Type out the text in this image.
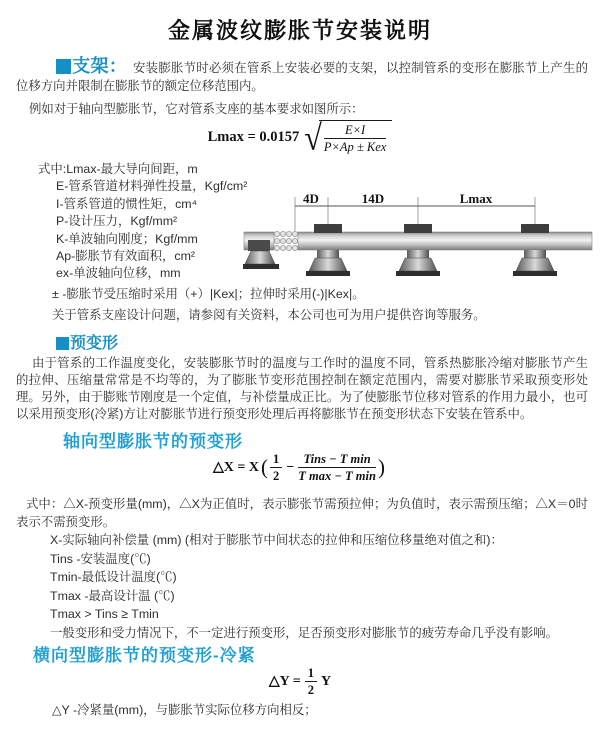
金属波纹膨胀节安装说明
支架： 安装膨胀节时必须在管系上安装必要的支架，以控制管系的变形在膨胀节上产生的位移方向并限制在膨胀节的额定位移范围内。
例如对于轴向型膨胀节，它对管系支座的基本要求如图所示：
Lmax = 0.0157 √ $\frac{E\times I}{\text{P×Ap ± Kex}}$
式中:Lmax-最大导向间距，m
E-管系管道材料弹性投量，Kgf/cm²
I-管系管道的惯性矩，cm⁴
P-设计压力，Kgf/mm²
K-单波轴向刚度；Kgf/mm
Ap-膨胀节有效面积，cm²
ex-单波轴向位移，mm
± -膨胀节受压缩时采用（+）|Kex|；拉伸时采用(-)|Kex|。
关于管系支座设计问题，请参阅有关资料，本公司也可为用户提供咨询等服务。
4D	14D	Lmax
预变形
由于管系的工作温度变化，安装膨胀节时的温度与工作时的温度不同，管系热膨胀冷缩对膨胀节产生的拉伸、压缩量常常是不均等的，为了膨胀节变形范围控制在额定范围内，需要对膨胀节采取预变形处理。另外，由于膨账节刚度是一个定值，与补偿量成正比。为了使膨胀节位移对管系的作用力最小，也可以采用预变形(冷紧)方让对膨胀节进行预变形处理后再将膨胀节在预变形状态下安装在管系中。
轴向型膨胀节的预变形
△X = X ( $\frac{1}{2} - \frac{\text{Tins − T min}}{\text{T max − T min}}$ )
式中：△X-预变形量(mm)，△X为正值时，表示膨张节需预拉伸；为负值时，表示需预压缩；△X＝0时表示不需预变形。
X-实际轴向补偿量 (mm) (相对于膨胀节中间状态的拉伸和压缩位移量绝对值之和)：
Tins -安装温度(℃)
Tmin-最低设计温度(℃)
Tmax -最高设计温 (℃)
Tmax > Tins ≥ Tmin
一般变形和受力情况下，不一定进行预变形，足否预变形对膨胀节的疲劳寿命几乎没有影响。
横向型膨胀节的预变形-冷紧
△Y = $\frac{1}{2}$ Y
△Y -冷紧量(mm)，与膨胀节实际位移方向相反；
